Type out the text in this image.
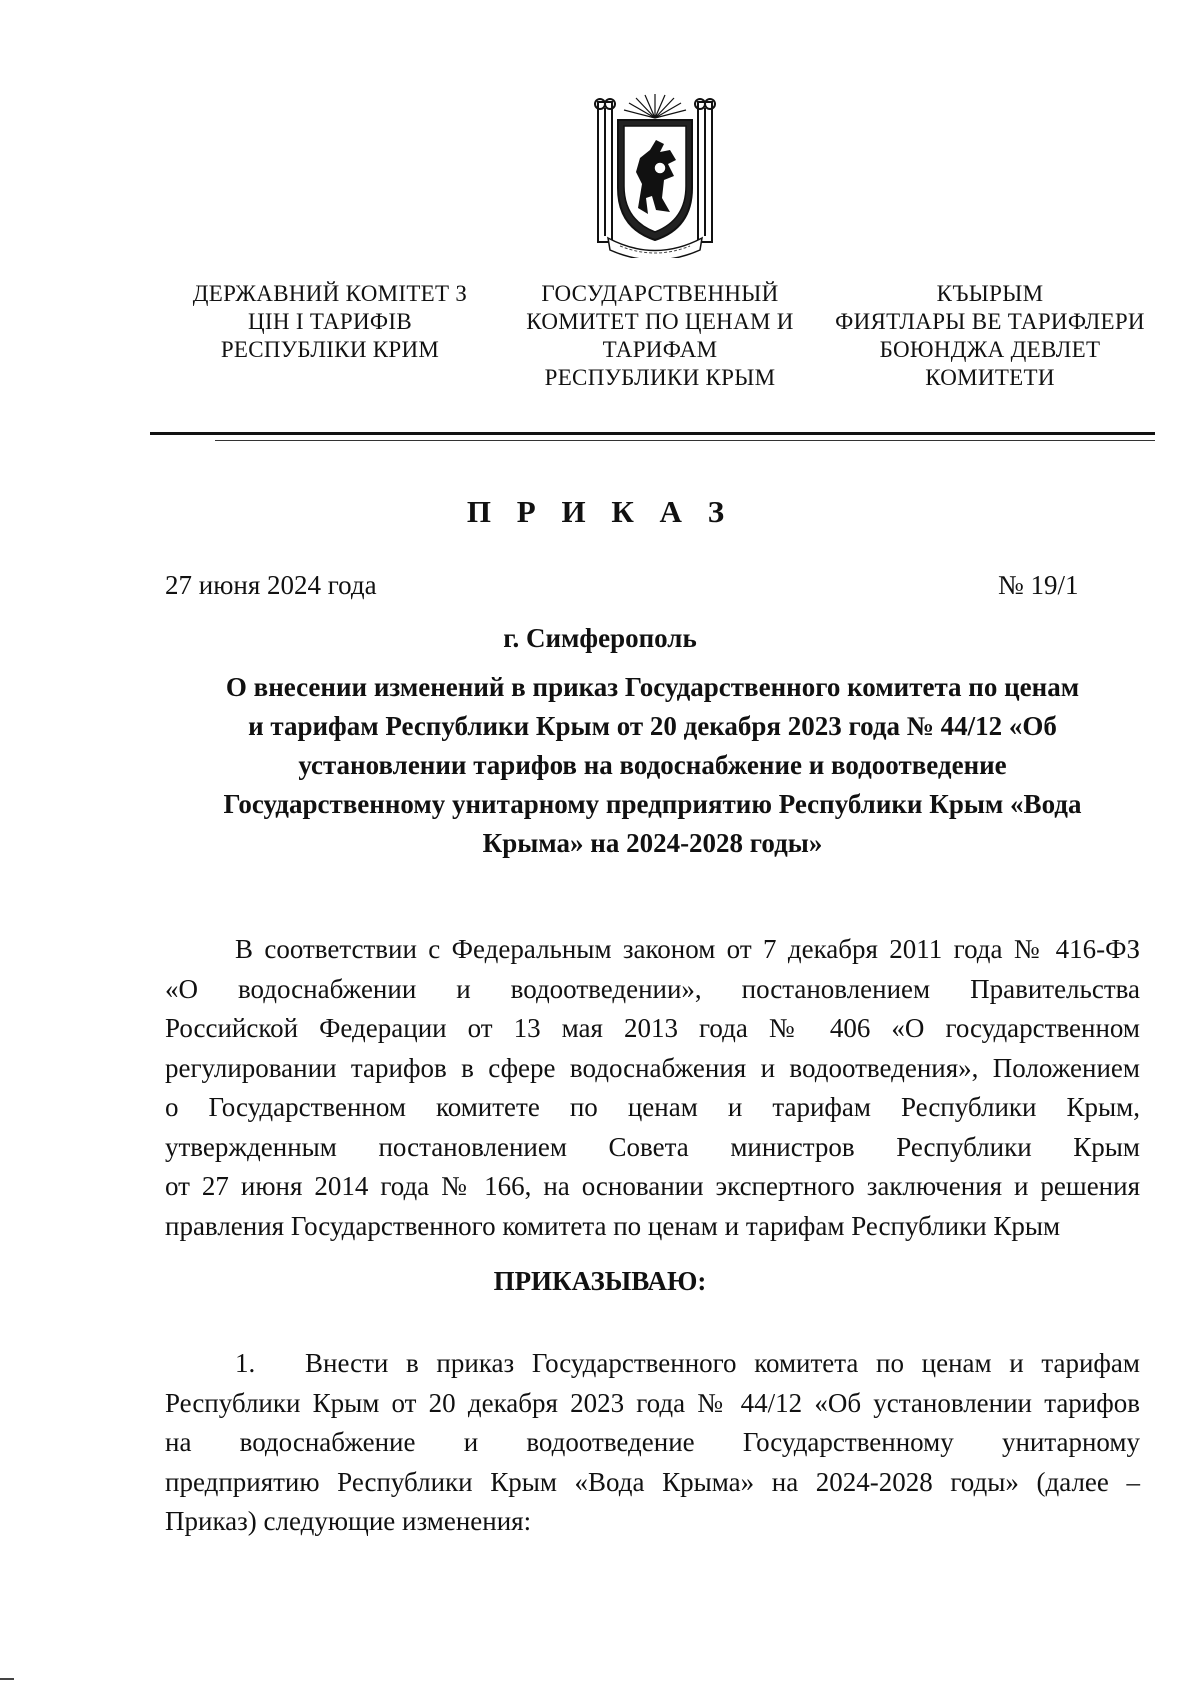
ДЕРЖАВНИЙ КОМІТЕТ З
ЦІН І ТАРИФІВ
РЕСПУБЛІКИ КРИМ
ГОСУДАРСТВЕННЫЙ
КОМИТЕТ ПО ЦЕНАМ И
ТАРИФАМ
РЕСПУБЛИКИ КРЫМ
КЪЫРЫМ
ФИЯТЛАРЫ ВЕ ТАРИФЛЕРИ
БОЮНДЖА ДЕВЛЕТ
КОМИТЕТИ
П Р И К А З
27 июня 2024 года	№ 19/1
г. Симферополь
О внесении изменений в приказ Государственного комитета по ценам
и тарифам Республики Крым от 20 декабря 2023 года № 44/12 «Об
установлении тарифов на водоснабжение и водоотведение
Государственному унитарному предприятию Республики Крым «Вода
Крыма» на 2024-2028 годы»
В соответствии с Федеральным законом от 7 декабря 2011 года № 416-ФЗ
«О водоснабжении и водоотведении», постановлением Правительства
Российской Федерации от 13 мая 2013 года № 406 «О государственном
регулировании тарифов в сфере водоснабжения и водоотведения», Положением
о Государственном комитете по ценам и тарифам Республики Крым,
утвержденным постановлением Совета министров Республики Крым
от 27 июня 2014 года № 166, на основании экспертного заключения и решения
правления Государственного комитета по ценам и тарифам Республики Крым
ПРИКАЗЫВАЮ:
1. Внести в приказ Государственного комитета по ценам и тарифам
Республики Крым от 20 декабря 2023 года № 44/12 «Об установлении тарифов
на водоснабжение и водоотведение Государственному унитарному
предприятию Республики Крым «Вода Крыма» на 2024-2028 годы» (далее –
Приказ) следующие изменения:
